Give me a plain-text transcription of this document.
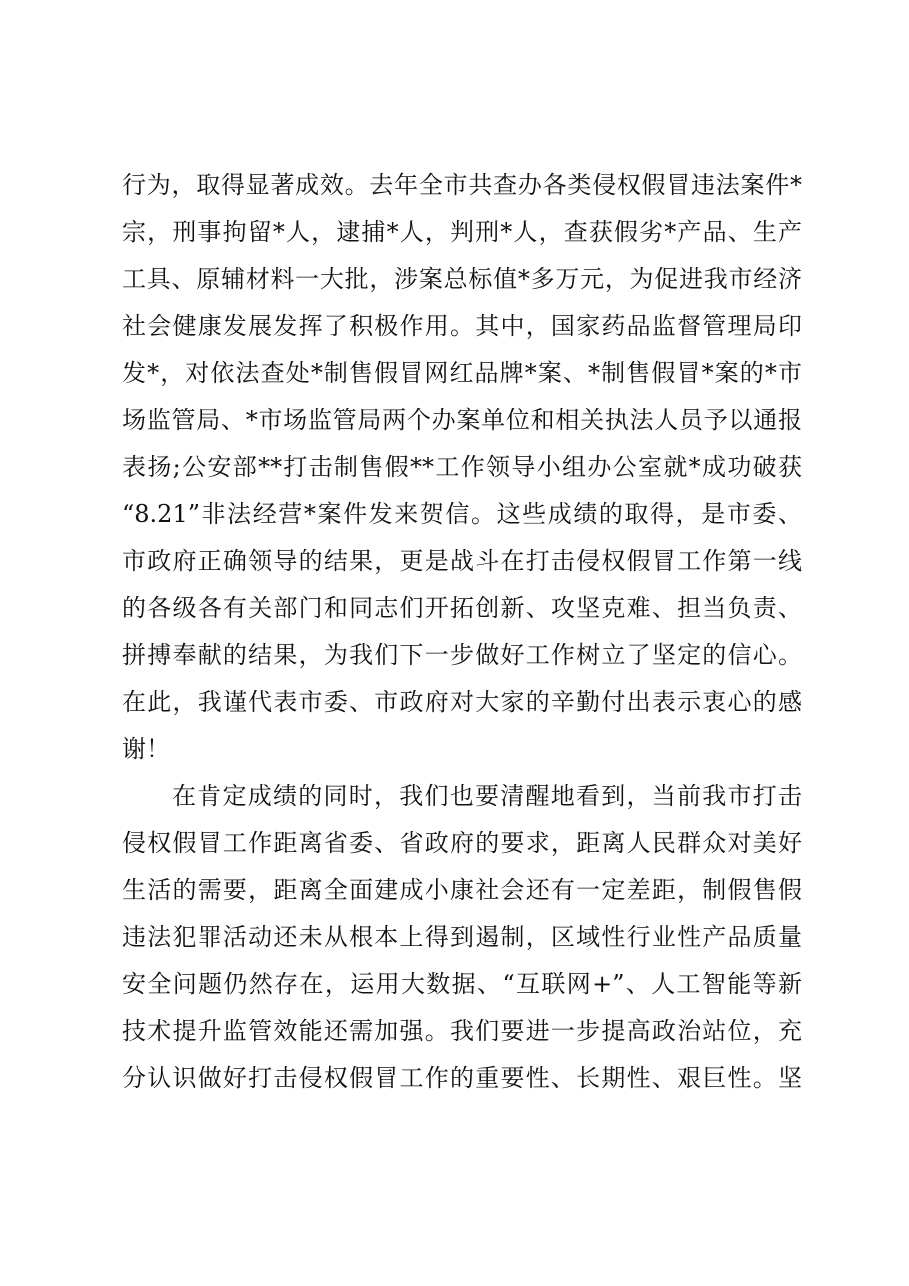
行为，取得显著成效。去年全市共查办各类侵权假冒违法案件*
宗，刑事拘留*人，逮捕*人，判刑*人，查获假劣*产品、生产
工具、原辅材料一大批，涉案总标值*多万元，为促进我市经济
社会健康发展发挥了积极作用。其中，国家药品监督管理局印
发*，对依法查处*制售假冒网红品牌*案、*制售假冒*案的*市
场监管局、*市场监管局两个办案单位和相关执法人员予以通报
表扬;公安部**打击制售假**工作领导小组办公室就*成功破获
“8.21”非法经营*案件发来贺信。这些成绩的取得，是市委、
市政府正确领导的结果，更是战斗在打击侵权假冒工作第一线
的各级各有关部门和同志们开拓创新、攻坚克难、担当负责、
拼搏奉献的结果，为我们下一步做好工作树立了坚定的信心。
在此，我谨代表市委、市政府对大家的辛勤付出表示衷心的感
谢！
在肯定成绩的同时，我们也要清醒地看到，当前我市打击
侵权假冒工作距离省委、省政府的要求，距离人民群众对美好
生活的需要，距离全面建成小康社会还有一定差距，制假售假
违法犯罪活动还未从根本上得到遏制，区域性行业性产品质量
安全问题仍然存在，运用大数据、“互联网+”、人工智能等新
技术提升监管效能还需加强。我们要进一步提高政治站位，充
分认识做好打击侵权假冒工作的重要性、长期性、艰巨性。坚
